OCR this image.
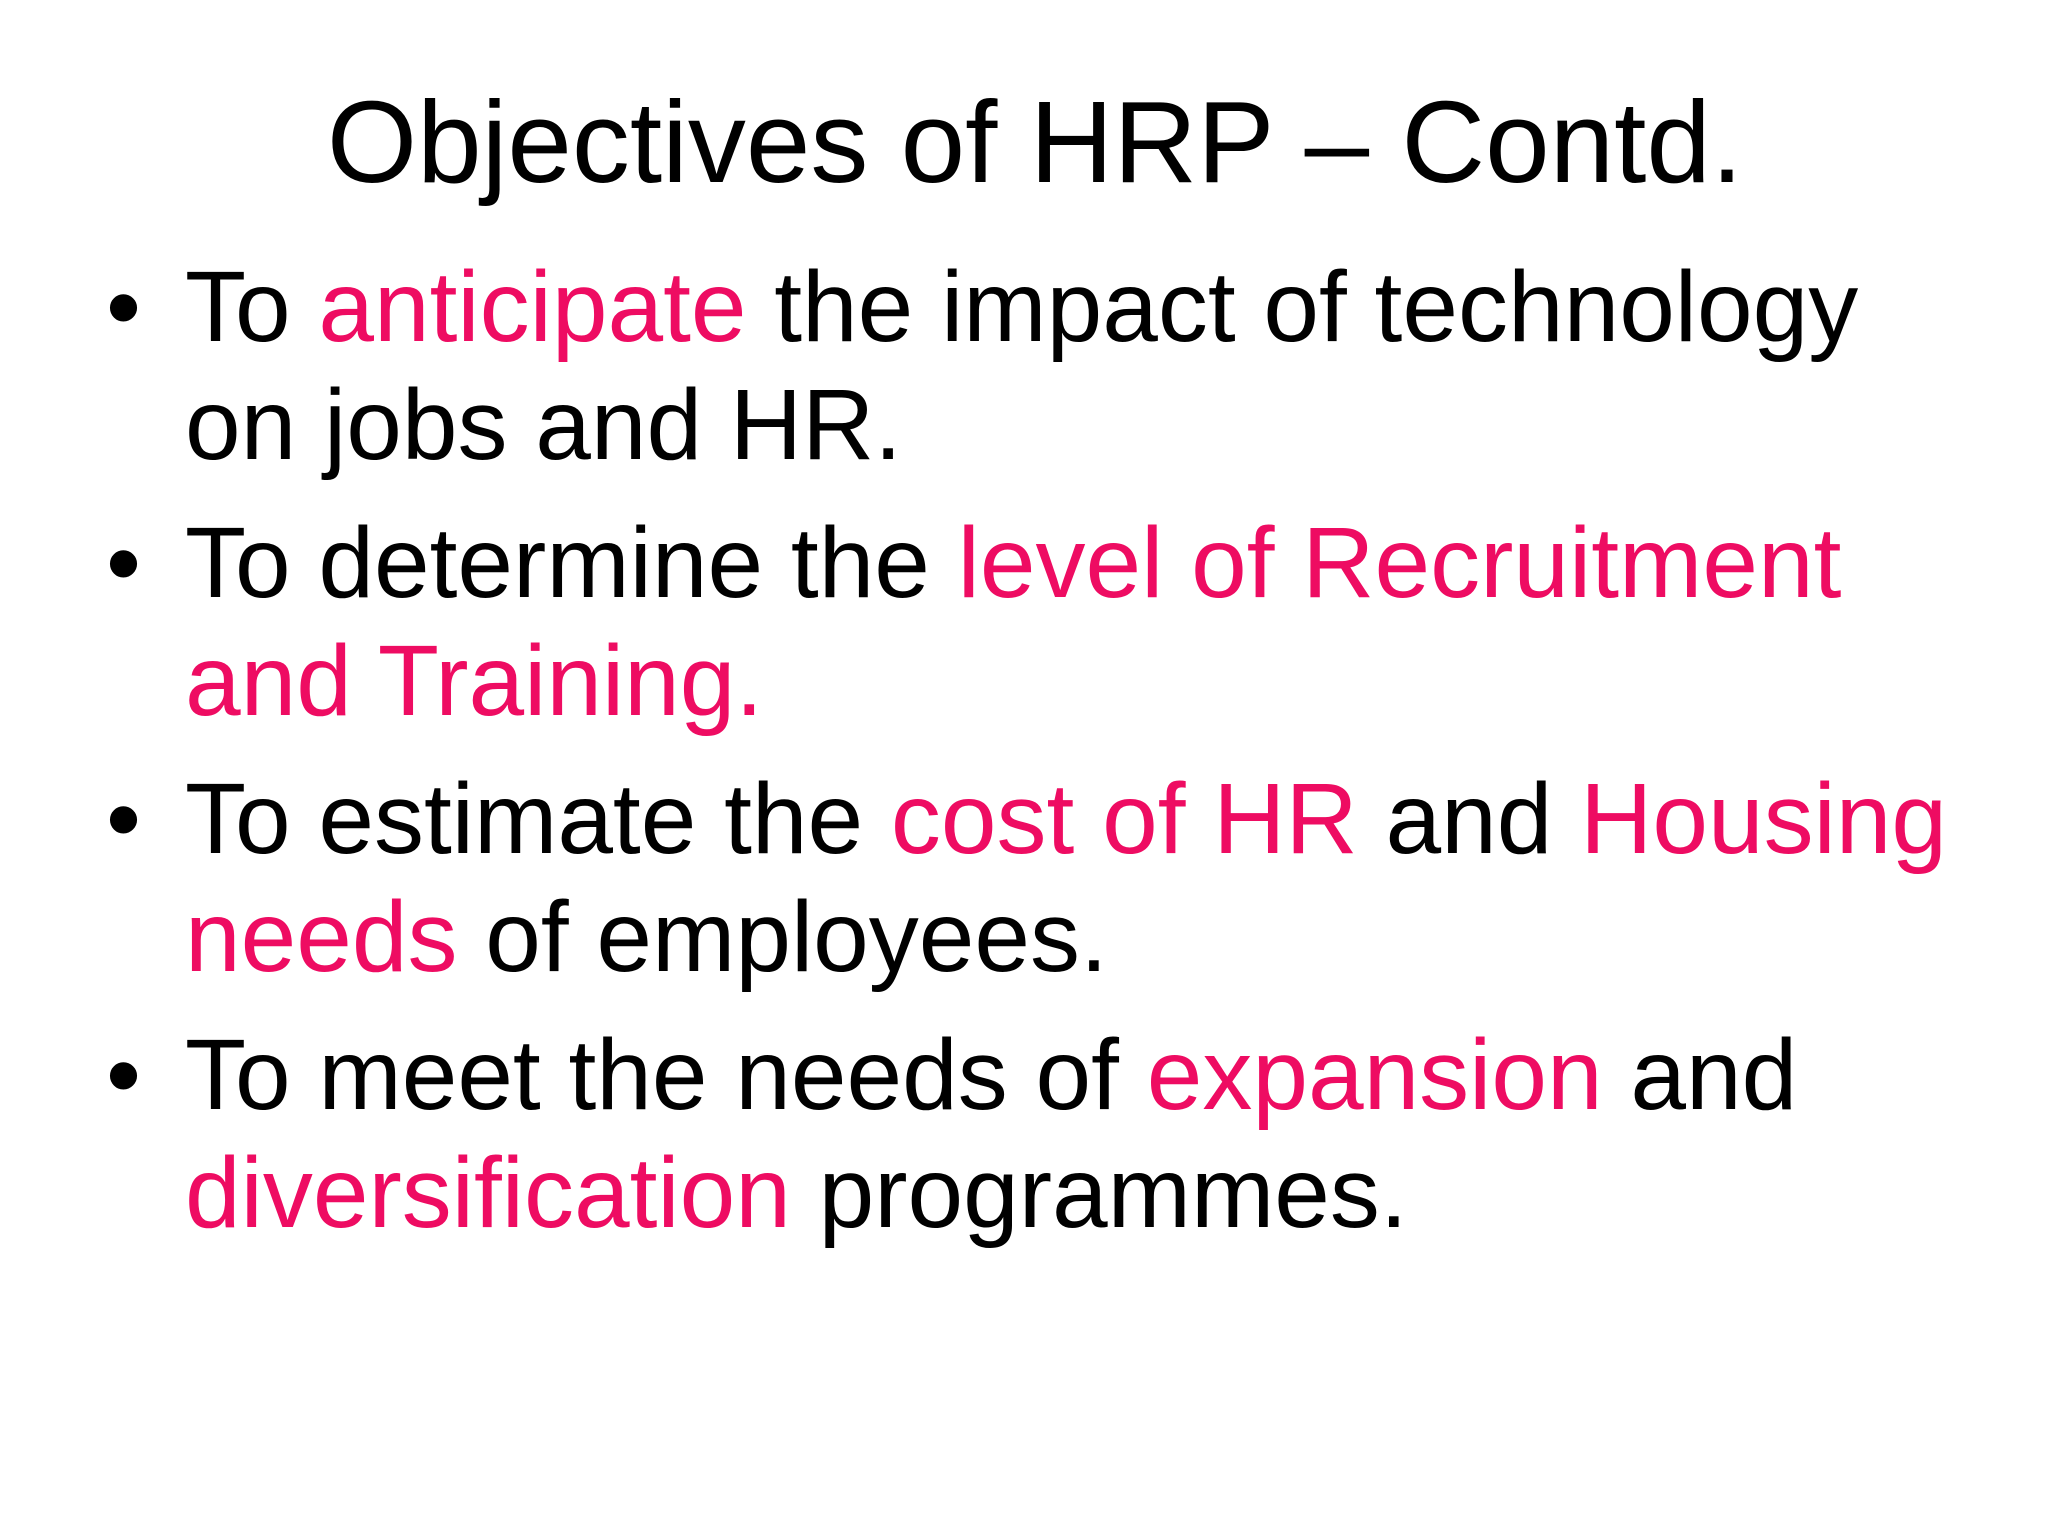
Objectives of HRP – Contd.
• To anticipate the impact of technology on jobs and HR.
• To determine the level of Recruitment and Training.
• To estimate the cost of HR and Housing needs of employees.
• To meet the needs of expansion and diversification programmes.
